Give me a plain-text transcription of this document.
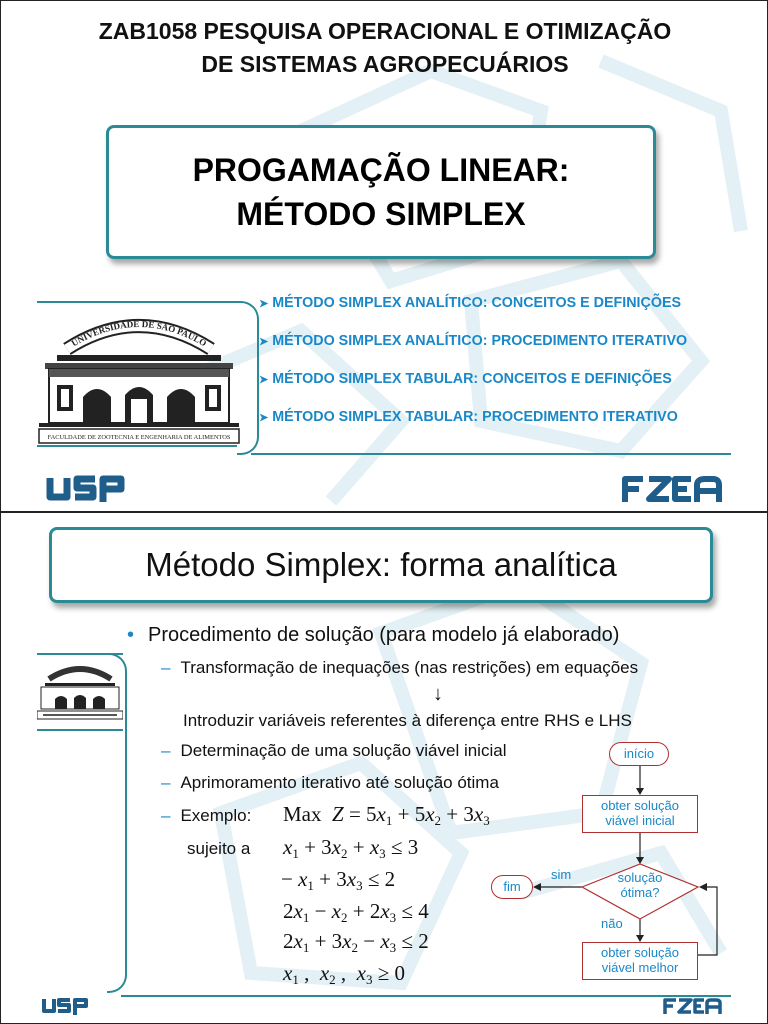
ZAB1058 PESQUISA OPERACIONAL E OTIMIZAÇÃO
DE SISTEMAS AGROPECUÁRIOS
PROGAMAÇÃO LINEAR:
MÉTODO SIMPLEX
UNIVERSIDADE DE SÃO PAULO
FACULDADE DE ZOOTECNIA E ENGENHARIA DE ALIMENTOS
➤ MÉTODO SIMPLEX ANALÍTICO: CONCEITOS E DEFINIÇÕES
➤ MÉTODO SIMPLEX ANALÍTICO: PROCEDIMENTO ITERATIVO
➤ MÉTODO SIMPLEX TABULAR: CONCEITOS E DEFINIÇÕES
➤ MÉTODO SIMPLEX TABULAR: PROCEDIMENTO ITERATIVO
Método Simplex: forma analítica
• Procedimento de solução (para modelo já elaborado)
– Transformação de inequações (nas restrições) em equações
↓
Introduzir variáveis referentes à diferença entre RHS e LHS
– Determinação de uma solução viável inicial
– Aprimoramento iterativo até solução ótima
– Exemplo: Max  $Z = 5x_1 + 5x_2 + 3x_3$
sujeito a $x_1 + 3x_2 + x_3 \le 3$
− $x_1 + 3x_3 \le 2$
$2x_1 - x_2 + 2x_3 \le 4$
$2x_1 + 3x_2 - x_3 \le 2$
$x_1$ ,  $x_2$ ,  $x_3 \ge 0$
início
obter solução
viável inicial
solução
ótima?
sim
não
fim
obter solução
viável melhor
